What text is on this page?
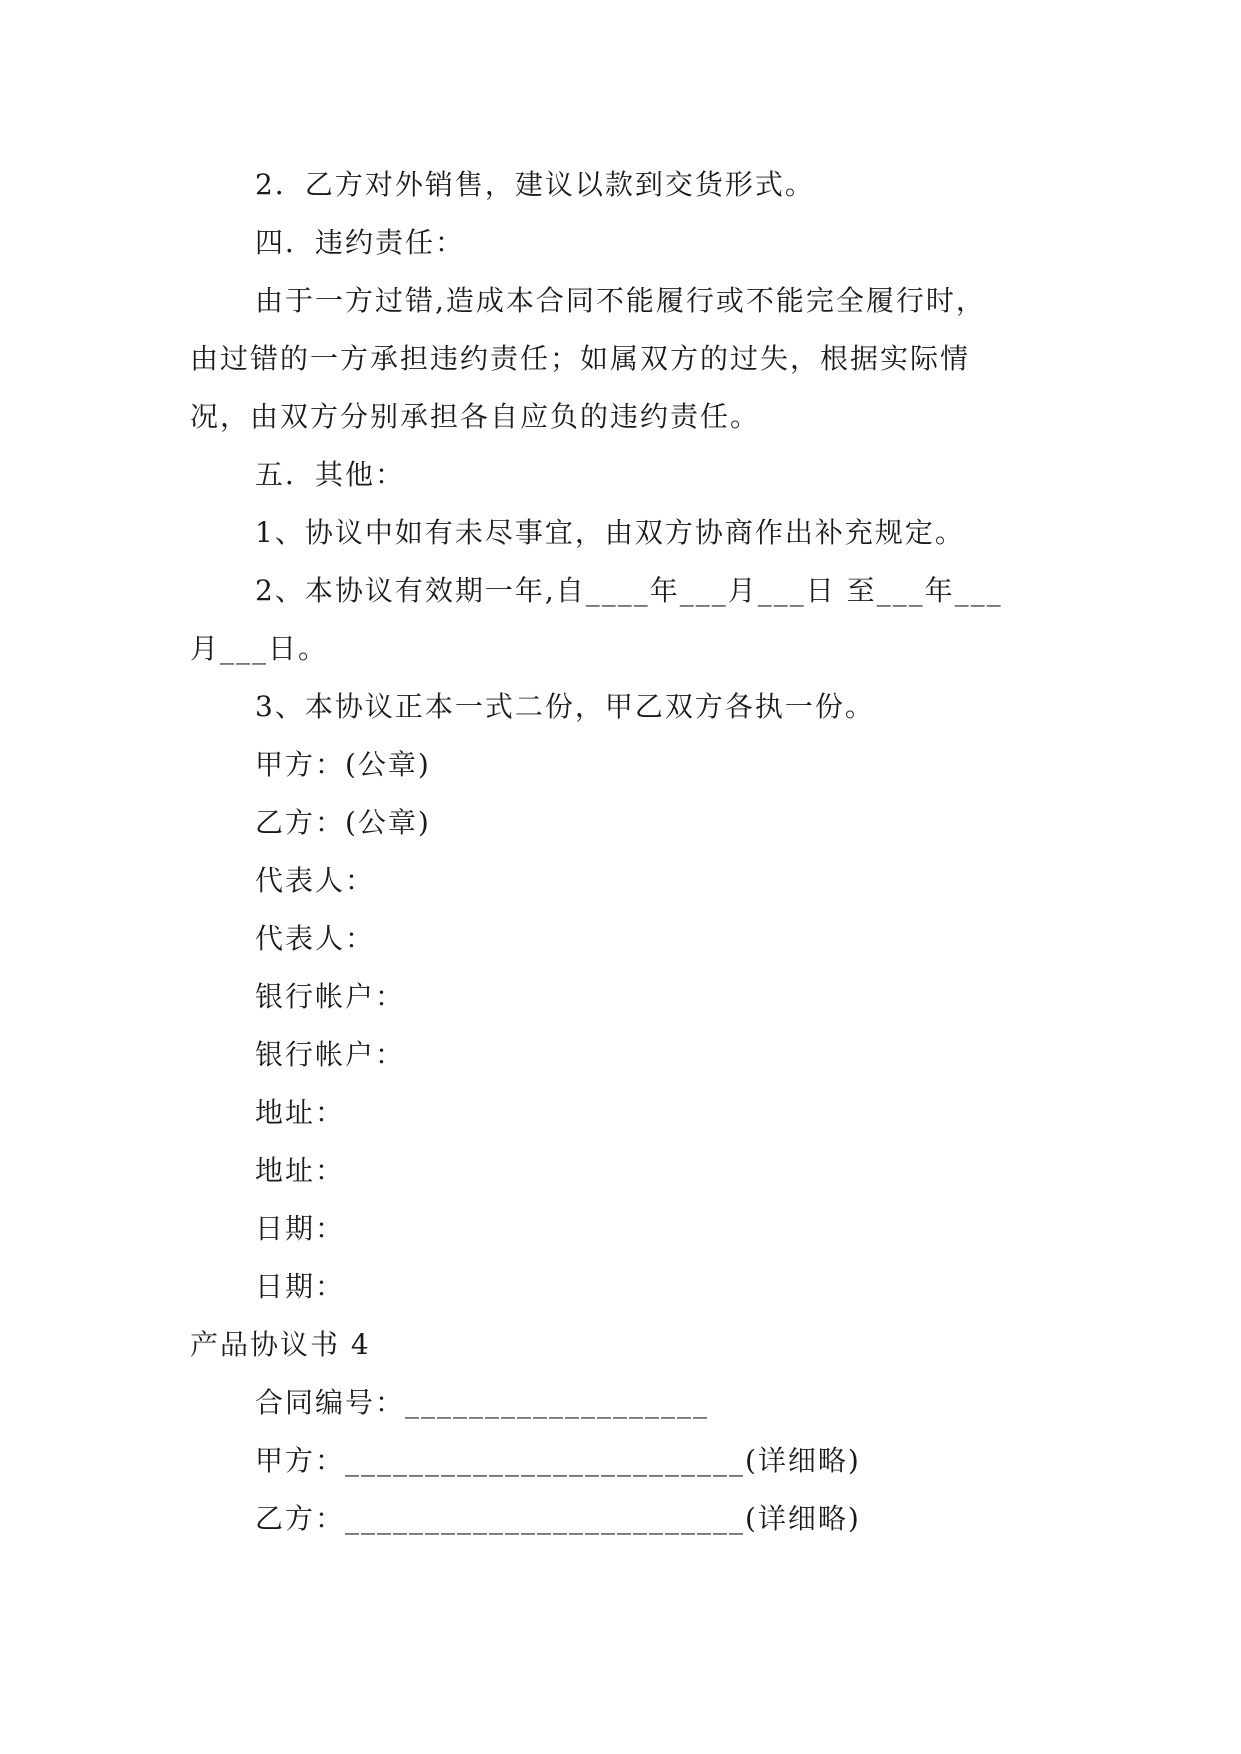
2．乙方对外销售，建议以款到交货形式。
四．违约责任：
由于一方过错,造成本合同不能履行或不能完全履行时，
由过错的一方承担违约责任；如属双方的过失，根据实际情
况，由双方分别承担各自应负的违约责任。
五．其他：
1、协议中如有未尽事宜，由双方协商作出补充规定。
2、本协议有效期一年,自____年___月___日 至___年___
月___日。
3、本协议正本一式二份，甲乙双方各执一份。
甲方：(公章)
乙方：(公章)
代表人：
代表人：
银行帐户：
银行帐户：
地址：
地址：
日期：
日期：
产品协议书 4
合同编号：___________________
甲方：_________________________(详细略)
乙方：_________________________(详细略)
